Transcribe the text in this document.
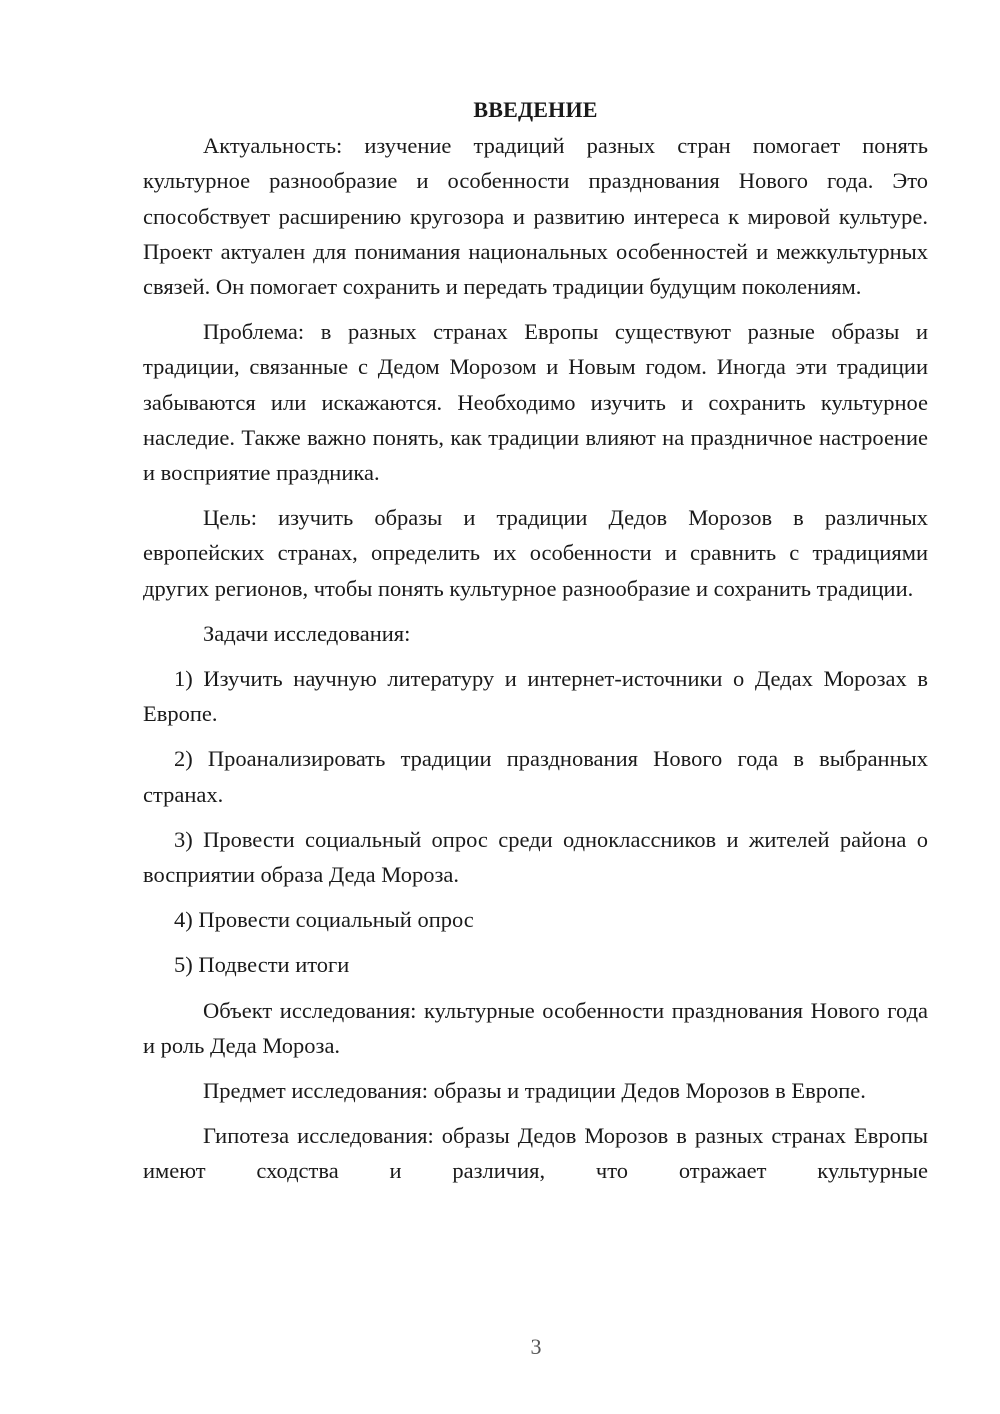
ВВЕДЕНИЕ

Актуальность: изучение традиций разных стран помогает понять культурное разнообразие и особенности празднования Нового года. Это способствует расширению кругозора и развитию интереса к мировой культуре. Проект актуален для понимания национальных особенностей и межкультурных связей. Он помогает сохранить и передать традиции будущим поколениям.

Проблема: в разных странах Европы существуют разные образы и традиции, связанные с Дедом Морозом и Новым годом. Иногда эти традиции забываются или искажаются. Необходимо изучить и сохранить культурное наследие. Также важно понять, как традиции влияют на праздничное настроение и восприятие праздника.

Цель: изучить образы и традиции Дедов Морозов в различных европейских странах, определить их особенности и сравнить с традициями других регионов, чтобы понять культурное разнообразие и сохранить традиции.

Задачи исследования:

1) Изучить научную литературу и интернет-источники о Дедах Морозах в Европе.

2) Проанализировать традиции празднования Нового года в выбранных странах.

3) Провести социальный опрос среди одноклассников и жителей района о восприятии образа Деда Мороза.

4) Провести социальный опрос

5) Подвести итоги

Объект исследования: культурные особенности празднования Нового года и роль Деда Мороза.

Предмет исследования: образы и традиции Дедов Морозов в Европе.

Гипотеза исследования: образы Дедов Морозов в разных странах Европы имеют сходства и различия, что отражает культурные

3
